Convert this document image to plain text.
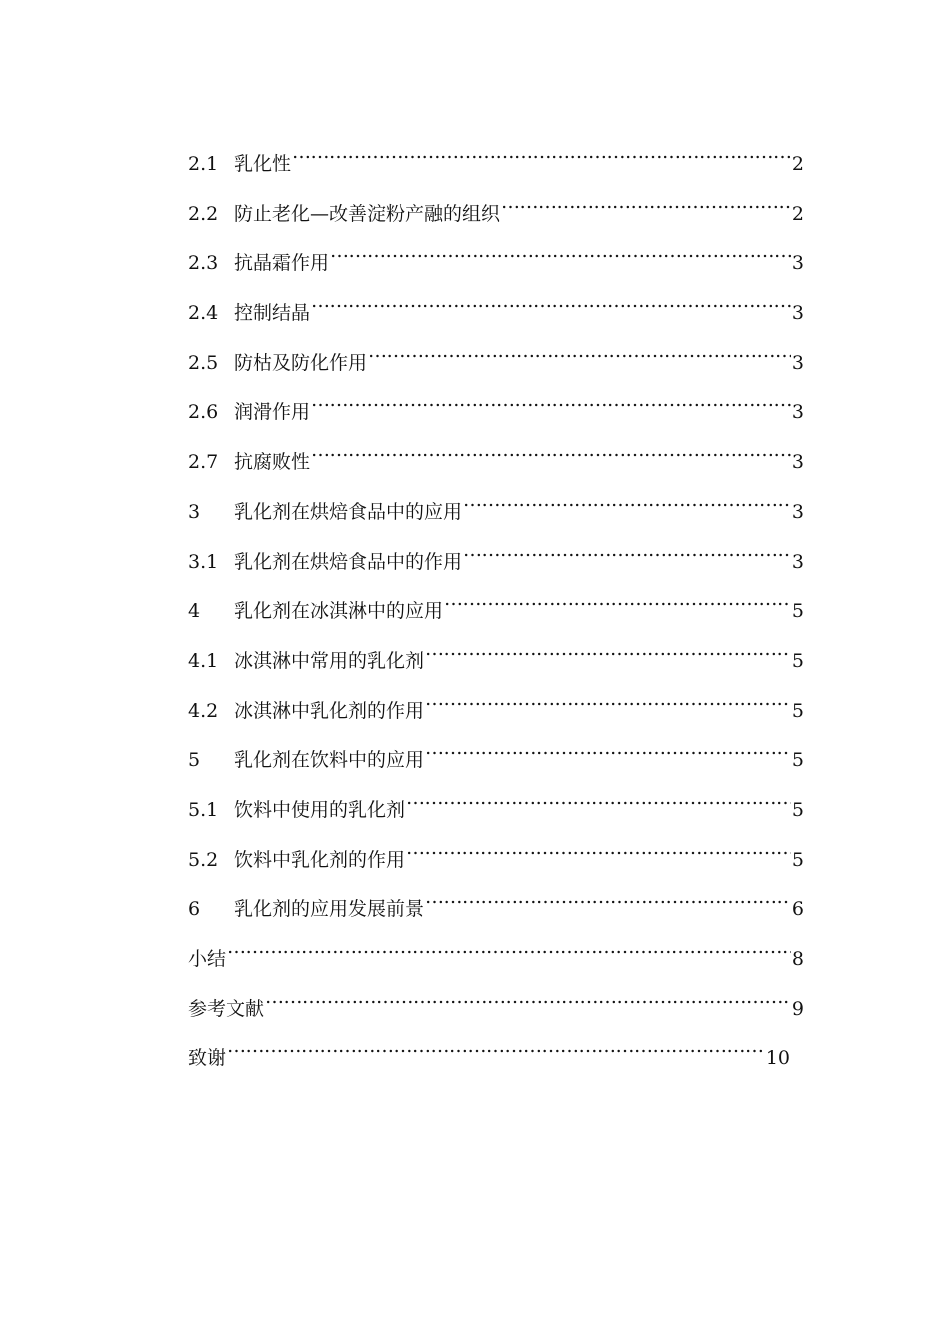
2.1 乳化性 …………………………………………………………………………………………………………………………………………………………	2
2.2 防止老化—改善淀粉产融的组织 …………………………………………………………………………………………………………………………………………………………	2
2.3 抗晶霜作用 …………………………………………………………………………………………………………………………………………………………	3
2.4 控制结晶 …………………………………………………………………………………………………………………………………………………………	3
2.5 防枯及防化作用 …………………………………………………………………………………………………………………………………………………………	3
2.6 润滑作用 …………………………………………………………………………………………………………………………………………………………	3
2.7 抗腐败性 …………………………………………………………………………………………………………………………………………………………	3
3	乳化剂在烘焙食品中的应用 …………………………………………………………………………………………………………………………………………………………	3
3.1 乳化剂在烘焙食品中的作用 …………………………………………………………………………………………………………………………………………………………	3
4	乳化剂在冰淇淋中的应用 …………………………………………………………………………………………………………………………………………………………	5
4.1 冰淇淋中常用的乳化剂 …………………………………………………………………………………………………………………………………………………………	5
4.2 冰淇淋中乳化剂的作用 …………………………………………………………………………………………………………………………………………………………	5
5	乳化剂在饮料中的应用 …………………………………………………………………………………………………………………………………………………………	5
5.1 饮料中使用的乳化剂 …………………………………………………………………………………………………………………………………………………………	5
5.2 饮料中乳化剂的作用 …………………………………………………………………………………………………………………………………………………………	5
6	乳化剂的应用发展前景 …………………………………………………………………………………………………………………………………………………………	6
小结 …………………………………………………………………………………………………………………………………………………………	8
参考文献 …………………………………………………………………………………………………………………………………………………………	9
致谢 …………………………………………………………………………………………………………………………………………………………	10
